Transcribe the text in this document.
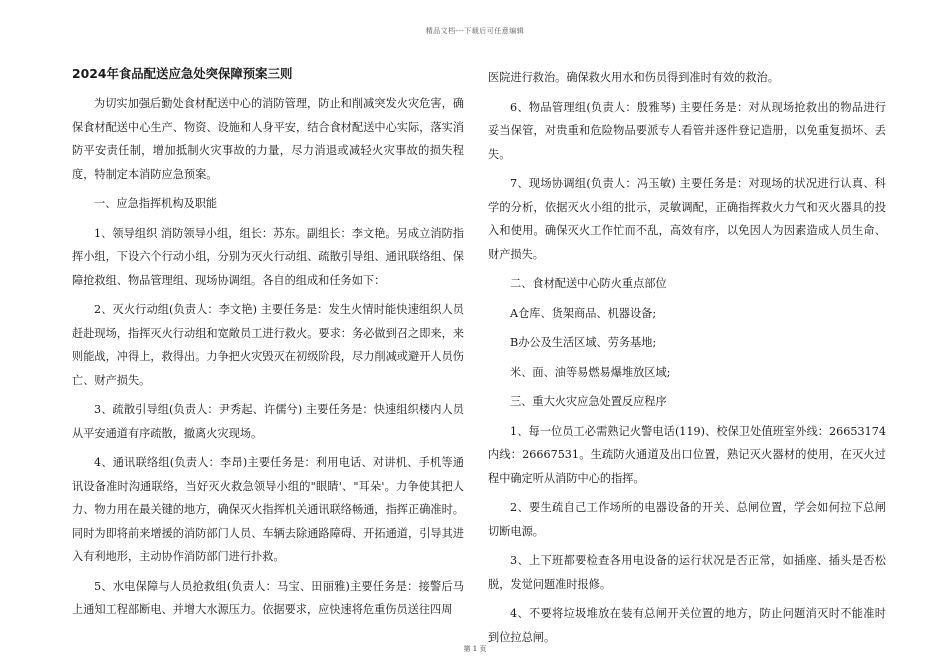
精品文档---下载后可任意编辑
2024年食品配送应急处突保障预案三则
为切实加强后勤处食材配送中心的消防管理，防止和削减突发火灾危害，确保食材配送中心生产、物资、设施和人身平安，结合食材配送中心实际，落实消防平安责任制，增加抵制火灾事故的力量，尽力消退或减轻火灾事故的损失程度，特制定本消防应急预案。
一、应急指挥机构及职能
1、领导组织 消防领导小组，组长：苏东。副组长：李文艳。另成立消防指挥小组，下设六个行动小组，分别为灭火行动组、疏散引导组、通讯联络组、保障抢救组、物品管理组、现场协调组。各自的组成和任务如下：
2、灭火行动组(负责人：李文艳) 主要任务是：发生火情时能快速组织人员赶赴现场，指挥灭火行动组和宽敞员工进行救火。要求：务必做到召之即来，来则能战，冲得上，救得出。力争把火灾毁灭在初级阶段，尽力削减或避开人员伤亡、财产损失。
3、疏散引导组(负责人：尹秀起、许儒兮) 主要任务是：快速组织楼内人员从平安通道有序疏散，撤离火灾现场。
4、通讯联络组(负责人：李昂)主要任务是：利用电话、对讲机、手机等通讯设备准时沟通联络，当好灭火救急领导小组的"眼睛'、"耳朵'。力争使其把人力、物力用在最关键的地方，确保灭火指挥机关通讯联络畅通，指挥正确准时。同时为即将前来增援的消防部门人员、车辆去除通路障碍、开拓通道，引导其进入有利地形，主动协作消防部门进行扑救。
5、水电保障与人员抢救组(负责人：马宝、田丽雅)主要任务是：接警后马上通知工程部断电、并增大水源压力。依据要求，应快速将危重伤员送往四周
医院进行救治。确保救火用水和伤员得到准时有效的救治。
6、物品管理组(负责人：殷雅琴) 主要任务是：对从现场抢救出的物品进行妥当保管，对贵重和危险物品要派专人看管并逐件登记造册，以免重复损坏、丢失。
7、现场协调组(负责人：冯玉敏) 主要任务是：对现场的状况进行认真、科学的分析，依据灭火小组的批示，灵敏调配，正确指挥救火力气和灭火器具的投入和使用。确保灭火工作忙而不乱，高效有序，以免因人为因素造成人员生命、财产损失。
二、食材配送中心防火重点部位
A仓库、货架商品、机器设备;
B办公及生活区域、劳务基地;
米、面、油等易燃易爆堆放区域;
三、重大火灾应急处置反应程序
1、每一位员工必需熟记火警电话(119)、校保卫处值班室外线：26653174内线：26667531。生疏防火通道及出口位置，熟记灭火器材的使用，在灭火过程中确定听从消防中心的指挥。
2、要生疏自己工作场所的电器设备的开关、总闸位置，学会如何拉下总闸切断电源。
3、上下班都要检查各用电设备的运行状况是否正常，如插座、插头是否松脱，发觉问题准时报修。
4、不要将垃圾堆放在装有总闸开关位置的地方，防止问题消灭时不能准时到位拉总闸。
第 1 页
